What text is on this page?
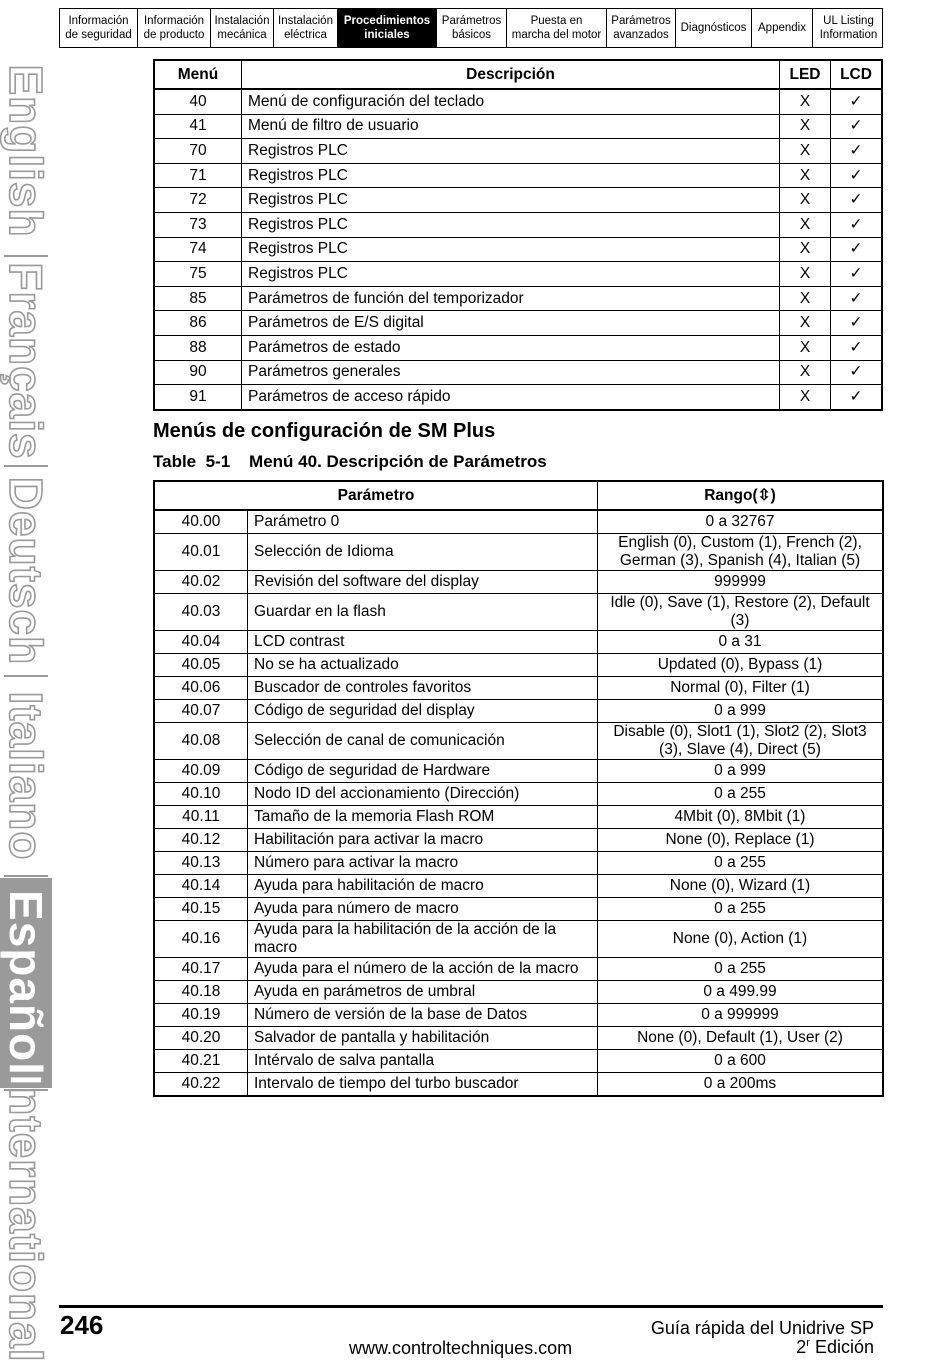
Información
de seguridad
Información
de producto
Instalación
mecánica
Instalación
eléctrica
Procedimientos
iniciales
Parámetros
básicos
Puesta en
marcha del motor
Parámetros
avanzados
Diagnósticos	Appendix
UL Listing
Information
English
Français
Deutsch
Italiano
Español
International
Menú	Descripción	LED	LCD
40	Menú de configuración del teclado	X	✓
41	Menú de filtro de usuario	X	✓
70	Registros PLC	X	✓
71	Registros PLC	X	✓
72	Registros PLC	X	✓
73	Registros PLC	X	✓
74	Registros PLC	X	✓
75	Registros PLC	X	✓
85	Parámetros de función del temporizador	X	✓
86	Parámetros de E/S digital	X	✓
88	Parámetros de estado	X	✓
90	Parámetros generales	X	✓
91	Parámetros de acceso rápido	X	✓
Menús de configuración de SM Plus
Table  5-1    Menú 40. Descripción de Parámetros
Parámetro		Rango(⇳)
40.00	Parámetro 0	0 a 32767
40.01	Selección de Idioma	English (0), Custom (1), French (2), German (3), Spanish (4), Italian (5)
40.02	Revisión del software del display	999999
40.03	Guardar en la flash	Idle (0), Save (1), Restore (2), Default (3)
40.04	LCD contrast	0 a 31
40.05	No se ha actualizado	Updated (0), Bypass (1)
40.06	Buscador de controles favoritos	Normal (0), Filter (1)
40.07	Código de seguridad del display	0 a 999
40.08	Selección de canal de comunicación	Disable (0), Slot1 (1), Slot2 (2), Slot3 (3), Slave (4), Direct (5)
40.09	Código de seguridad de Hardware	0 a 999
40.10	Nodo ID del accionamiento (Dirección)	0 a 255
40.11	Tamaño de la memoria Flash ROM	4Mbit (0), 8Mbit (1)
40.12	Habilitación para activar la macro	None (0), Replace (1)
40.13	Número para activar la macro	0 a 255
40.14	Ayuda para habilitación de macro	None (0), Wizard (1)
40.15	Ayuda para número de macro	0 a 255
40.16	Ayuda para la habilitación de la acción de la macro	None (0), Action (1)
40.17	Ayuda para el número de la acción de la macro	0 a 255
40.18	Ayuda en parámetros de umbral	0 a 499.99
40.19	Número de versión de la base de Datos	0 a 999999
40.20	Salvador de pantalla y habilitación	None (0), Default (1), User (2)
40.21	Intérvalo de salva pantalla	0 a 600
40.22	Intervalo de tiempo del turbo buscador	0 a 200ms
246	Guía rápida del Unidrive SP
www.controltechniques.com	2$^r$ Edición
